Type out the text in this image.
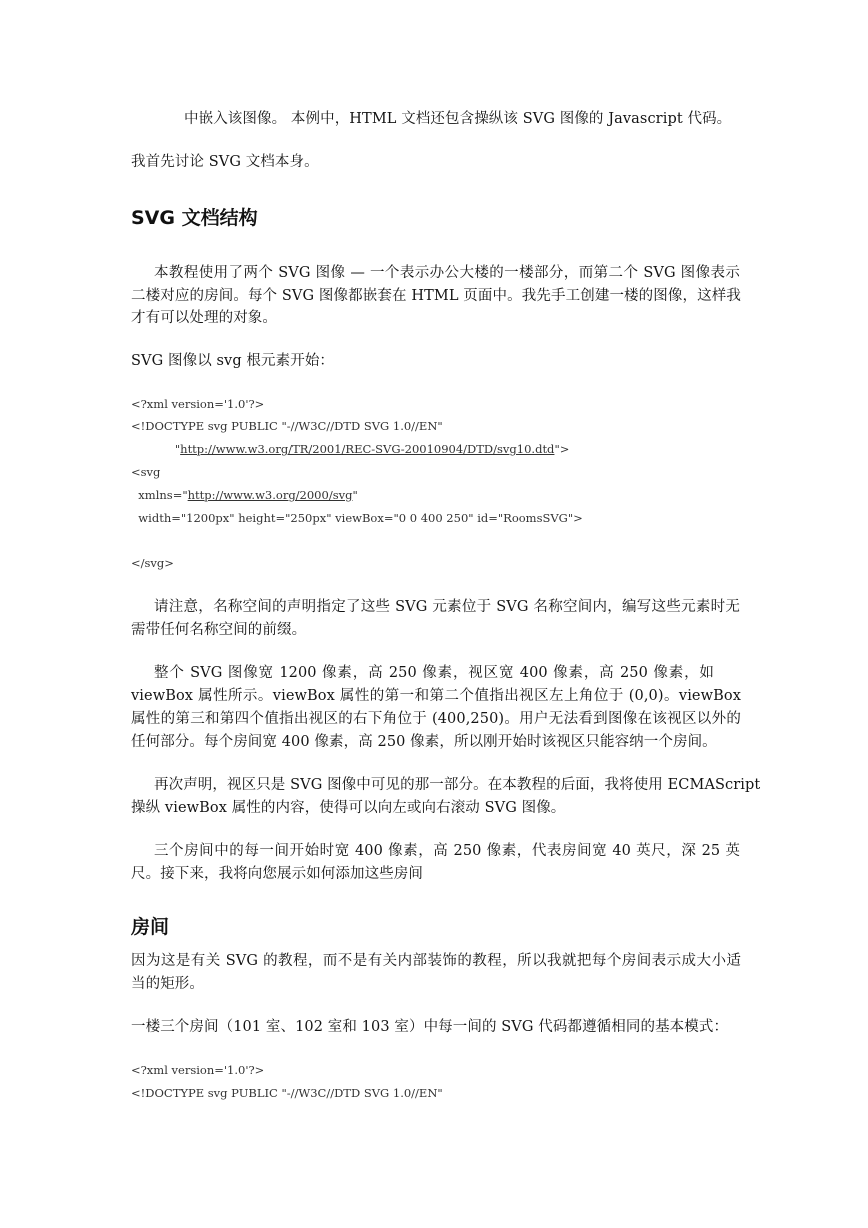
中嵌入该图像。 本例中，HTML 文档还包含操纵该 SVG 图像的 Javascript 代码。
我首先讨论 SVG 文档本身。
SVG 文档结构
本教程使用了两个 SVG 图像 — 一个表示办公大楼的一楼部分，而第二个 SVG 图像表示
二楼对应的房间。每个 SVG 图像都嵌套在 HTML 页面中。我先手工创建一楼的图像，这样我
才有可以处理的对象。
SVG 图像以 svg 根元素开始：
<?xml version='1.0'?>
<!DOCTYPE svg PUBLIC "-//W3C//DTD SVG 1.0//EN"
"http://www.w3.org/TR/2001/REC-SVG-20010904/DTD/svg10.dtd">
<svg
xmlns="http://www.w3.org/2000/svg"
width="1200px" height="250px" viewBox="0 0 400 250" id="RoomsSVG">
</svg>
请注意，名称空间的声明指定了这些 SVG 元素位于 SVG 名称空间内，编写这些元素时无
需带任何名称空间的前缀。
整个 SVG 图像宽 1200 像素，高 250 像素，视区宽 400 像素，高 250 像素，如
viewBox 属性所示。viewBox 属性的第一和第二个值指出视区左上角位于 (0,0)。viewBox
属性的第三和第四个值指出视区的右下角位于 (400,250)。用户无法看到图像在该视区以外的
任何部分。每个房间宽 400 像素，高 250 像素，所以刚开始时该视区只能容纳一个房间。
再次声明，视区只是 SVG 图像中可见的那一部分。在本教程的后面，我将使用 ECMAScript
操纵 viewBox 属性的内容，使得可以向左或向右滚动 SVG 图像。
三个房间中的每一间开始时宽 400 像素，高 250 像素，代表房间宽 40 英尺，深 25 英
尺。接下来，我将向您展示如何添加这些房间
房间
因为这是有关 SVG 的教程，而不是有关内部装饰的教程，所以我就把每个房间表示成大小适
当的矩形。
一楼三个房间（101 室、102 室和 103 室）中每一间的 SVG 代码都遵循相同的基本模式：
<?xml version='1.0'?>
<!DOCTYPE svg PUBLIC "-//W3C//DTD SVG 1.0//EN"
